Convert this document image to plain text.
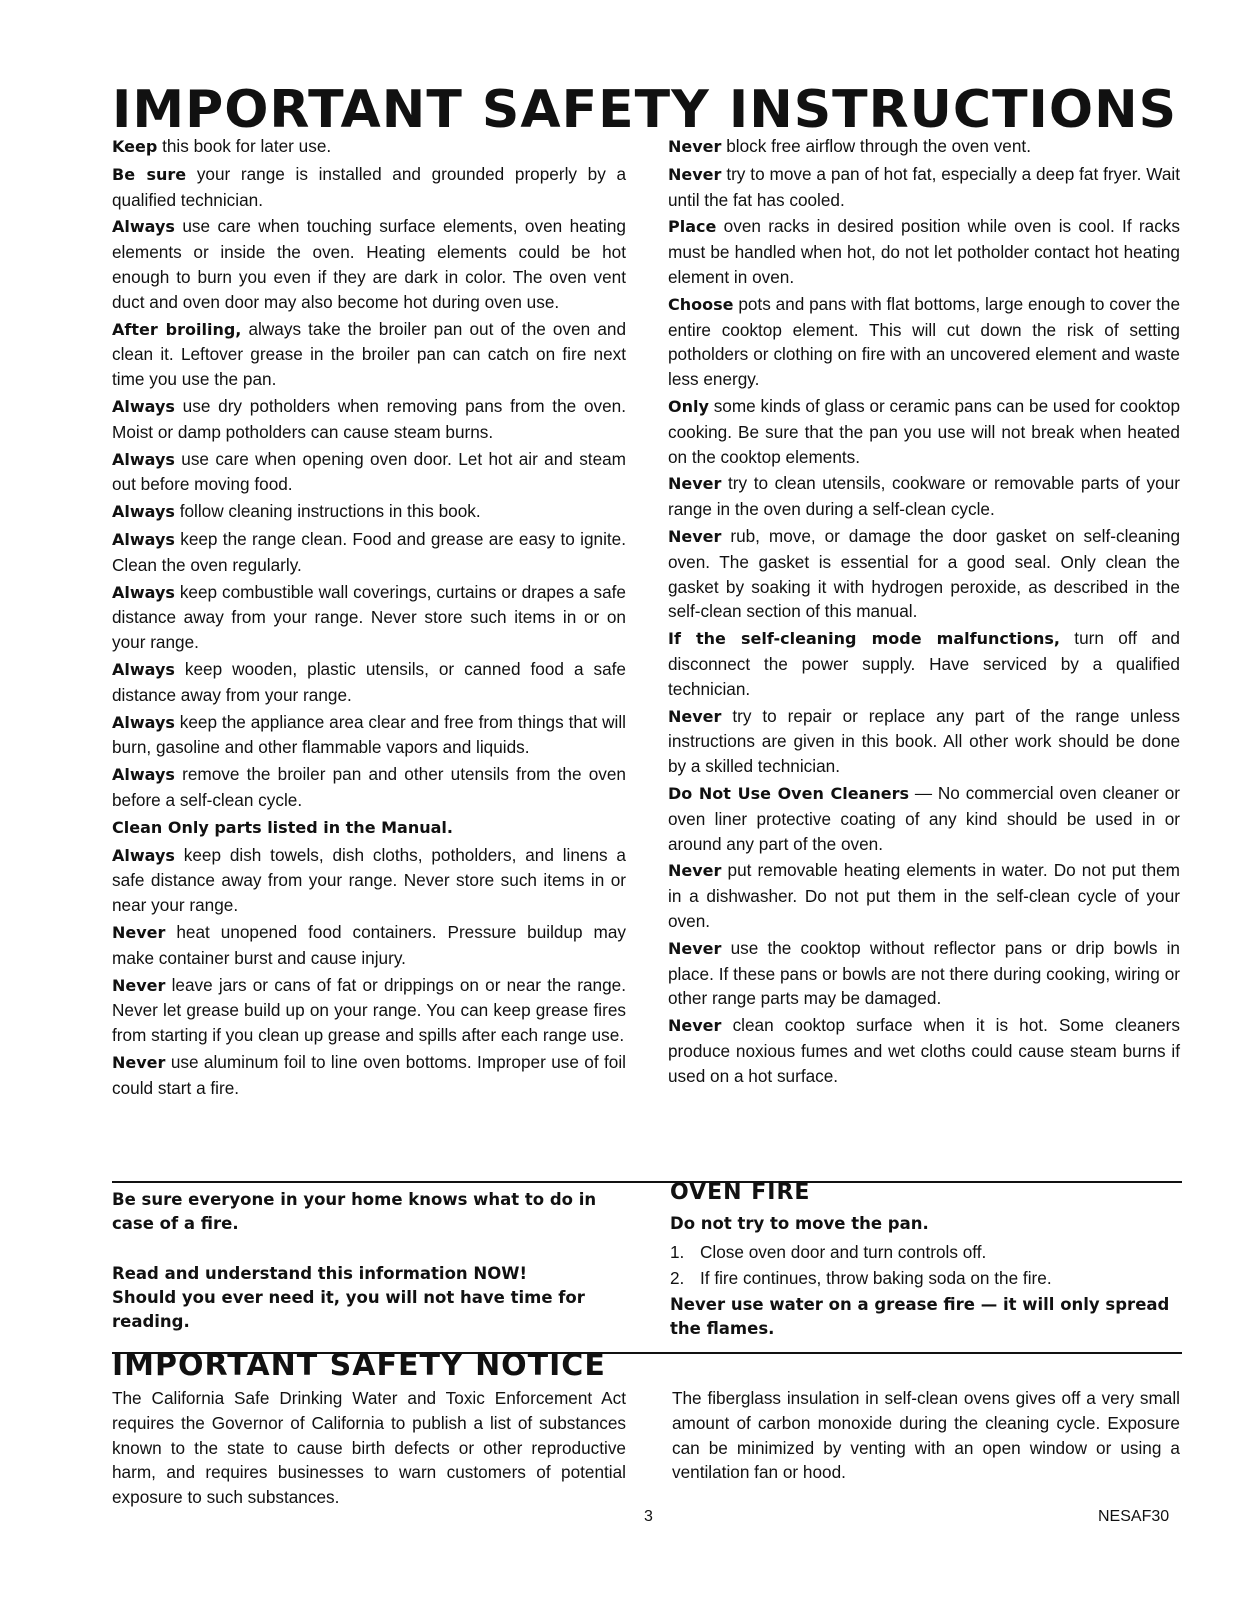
IMPORTANT SAFETY INSTRUCTIONS

Keep this book for later use.

Be sure your range is installed and grounded properly by a qualified technician.

Always use care when touching surface elements, oven heating elements or inside the oven. Heating elements could be hot enough to burn you even if they are dark in color. The oven vent duct and oven door may also become hot during oven use.

After broiling, always take the broiler pan out of the oven and clean it. Leftover grease in the broiler pan can catch on fire next time you use the pan.

Always use dry potholders when removing pans from the oven. Moist or damp potholders can cause steam burns.

Always use care when opening oven door. Let hot air and steam out before moving food.

Always follow cleaning instructions in this book.

Always keep the range clean. Food and grease are easy to ignite. Clean the oven regularly.

Always keep combustible wall coverings, curtains or drapes a safe distance away from your range. Never store such items in or on your range.

Always keep wooden, plastic utensils, or canned food a safe distance away from your range.

Always keep the appliance area clear and free from things that will burn, gasoline and other flammable vapors and liquids.

Always remove the broiler pan and other utensils from the oven before a self-clean cycle.

Clean Only parts listed in the Manual.

Always keep dish towels, dish cloths, potholders, and linens a safe distance away from your range. Never store such items in or near your range.

Never heat unopened food containers. Pressure buildup may make container burst and cause injury.

Never leave jars or cans of fat or drippings on or near the range. Never let grease build up on your range. You can keep grease fires from starting if you clean up grease and spills after each range use.

Never use aluminum foil to line oven bottoms. Improper use of foil could start a fire.

Never block free airflow through the oven vent.

Never try to move a pan of hot fat, especially a deep fat fryer. Wait until the fat has cooled.

Place oven racks in desired position while oven is cool. If racks must be handled when hot, do not let potholder contact hot heating element in oven.

Choose pots and pans with flat bottoms, large enough to cover the entire cooktop element. This will cut down the risk of setting potholders or clothing on fire with an uncovered element and waste less energy.

Only some kinds of glass or ceramic pans can be used for cooktop cooking. Be sure that the pan you use will not break when heated on the cooktop elements.

Never try to clean utensils, cookware or removable parts of your range in the oven during a self-clean cycle.

Never rub, move, or damage the door gasket on self-cleaning oven. The gasket is essential for a good seal. Only clean the gasket by soaking it with hydrogen peroxide, as described in the self-clean section of this manual.

If the self-cleaning mode malfunctions, turn off and disconnect the power supply. Have serviced by a qualified technician.

Never try to repair or replace any part of the range unless instructions are given in this book. All other work should be done by a skilled technician.

Do Not Use Oven Cleaners — No commercial oven cleaner or oven liner protective coating of any kind should be used in or around any part of the oven.

Never put removable heating elements in water. Do not put them in a dishwasher. Do not put them in the self-clean cycle of your oven.

Never use the cooktop without reflector pans or drip bowls in place. If these pans or bowls are not there during cooking, wiring or other range parts may be damaged.

Never clean cooktop surface when it is hot. Some cleaners produce noxious fumes and wet cloths could cause steam burns if used on a hot surface.

Be sure everyone in your home knows what to do in case of a fire.

Read and understand this information NOW!

Should you ever need it, you will not have time for reading.

OVEN FIRE

Do not try to move the pan.

1. Close oven door and turn controls off.
2. If fire continues, throw baking soda on the fire.

Never use water on a grease fire — it will only spread the flames.

IMPORTANT SAFETY NOTICE

The California Safe Drinking Water and Toxic Enforcement Act requires the Governor of California to publish a list of substances known to the state to cause birth defects or other reproductive harm, and requires businesses to warn customers of potential exposure to such substances.

The fiberglass insulation in self-clean ovens gives off a very small amount of carbon monoxide during the cleaning cycle. Exposure can be minimized by venting with an open window or using a ventilation fan or hood.

3	NESAF30
